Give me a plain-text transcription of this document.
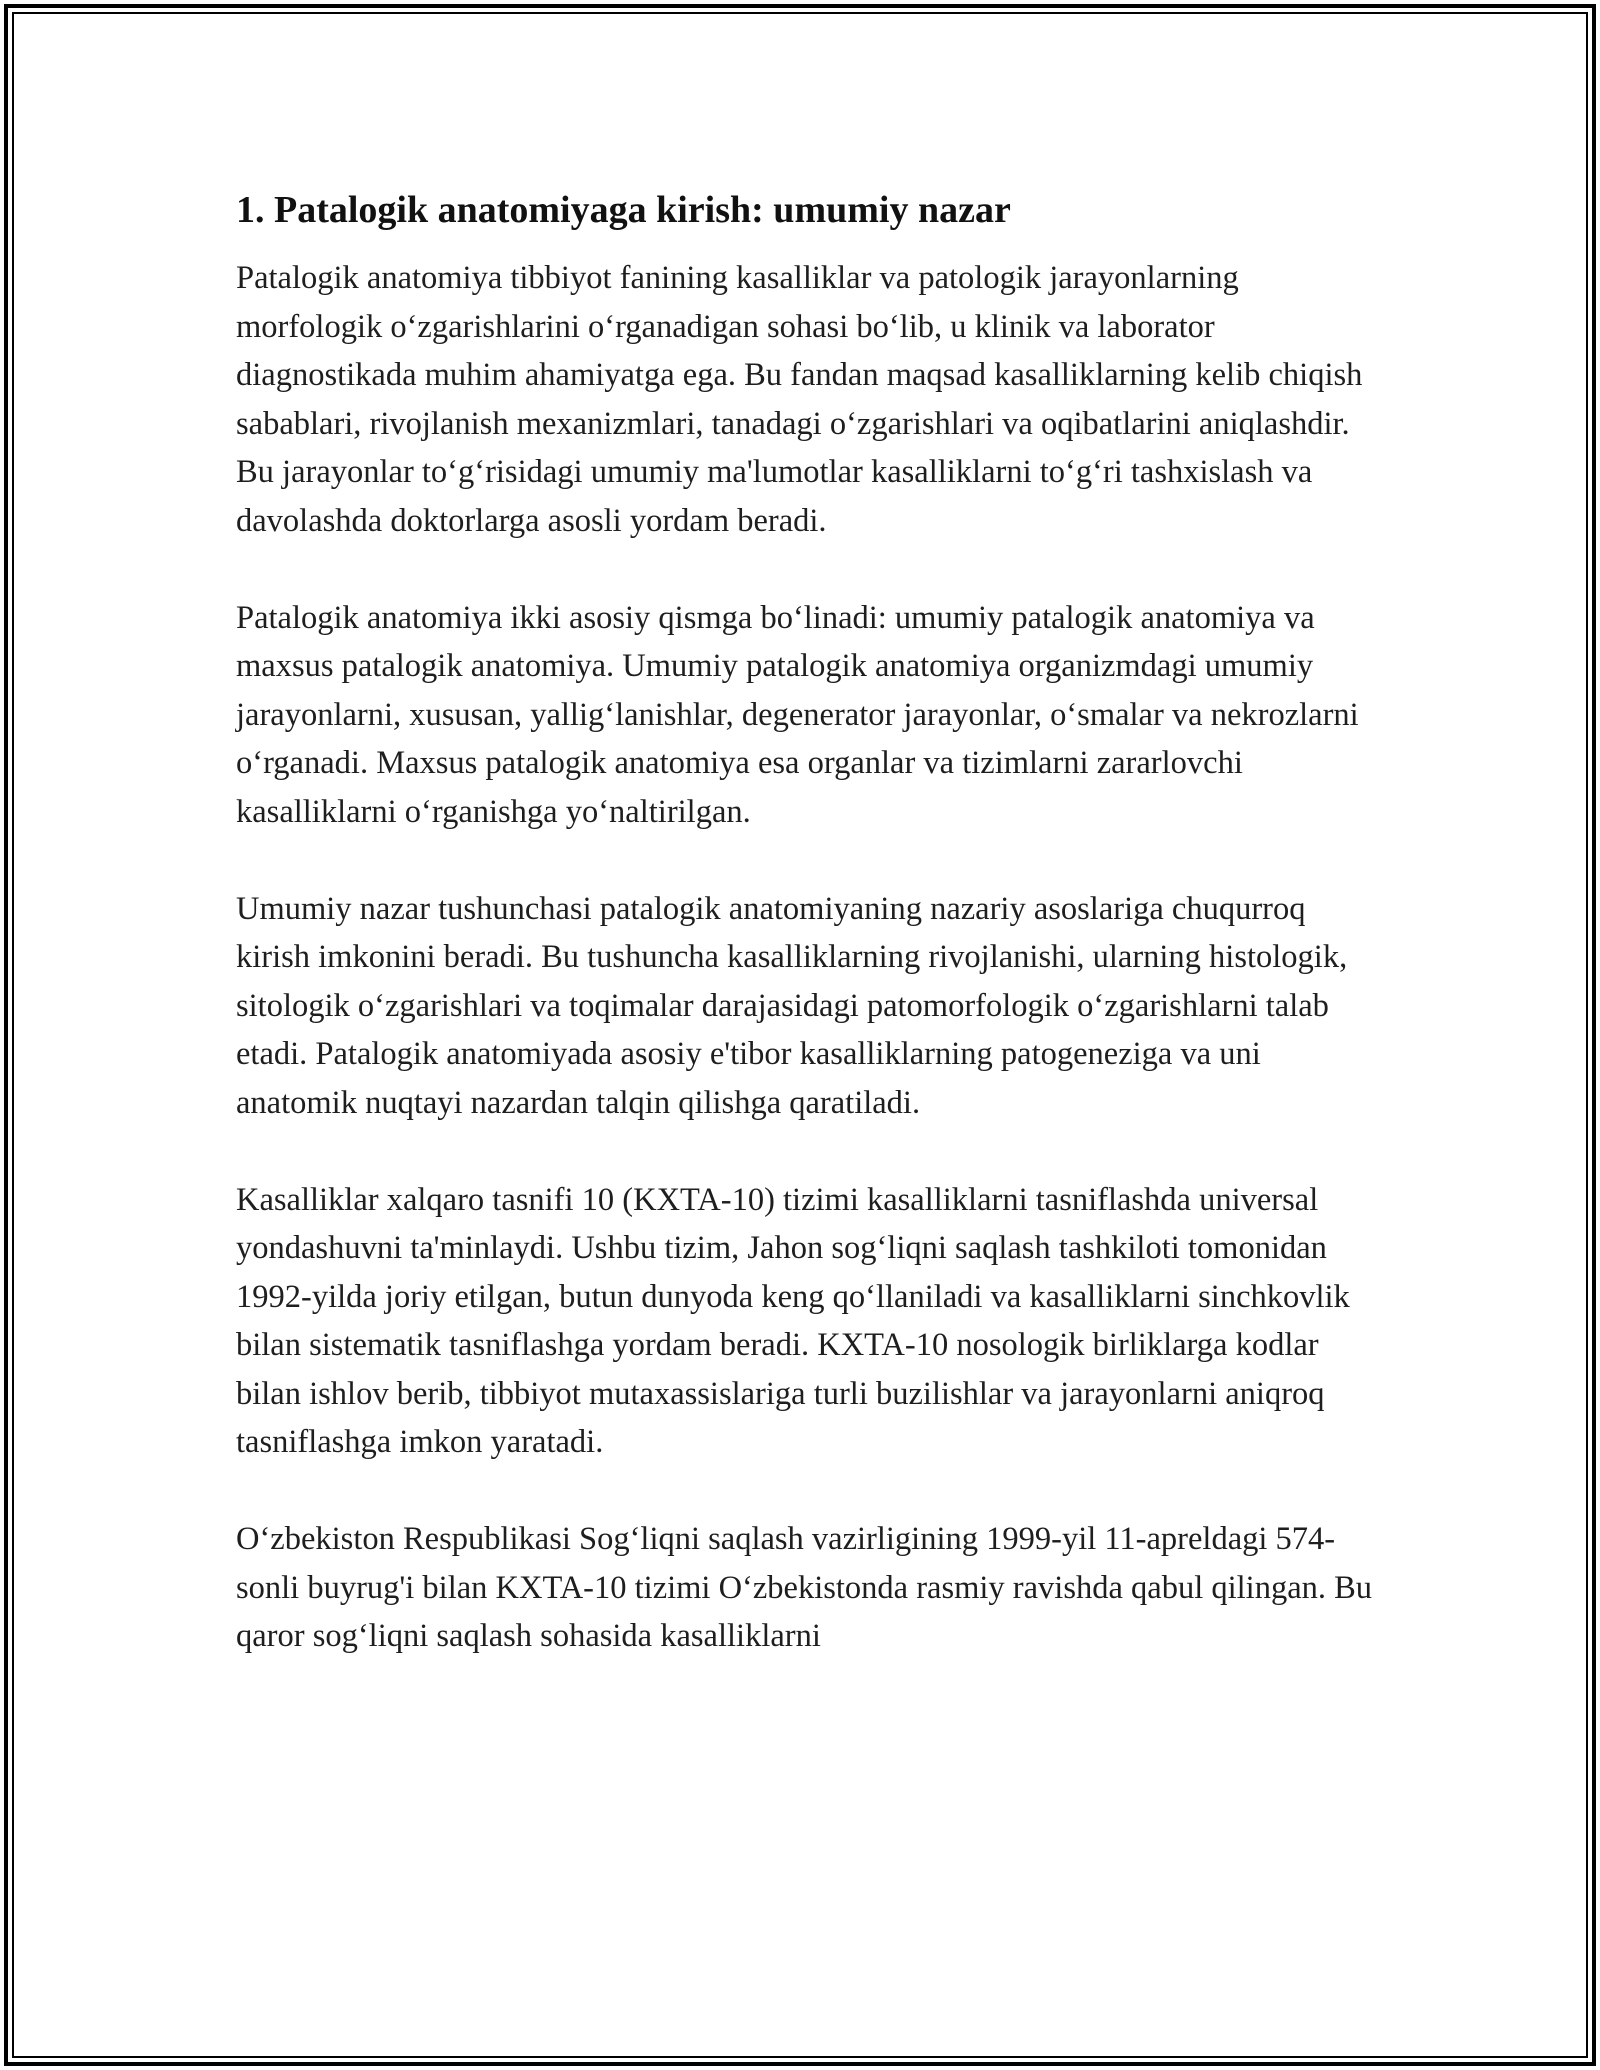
1. Patalogik anatomiyaga kirish: umumiy nazar

Patalogik anatomiya tibbiyot fanining kasalliklar va patologik jarayonlarning morfologik o‘zgarishlarini o‘rganadigan sohasi bo‘lib, u klinik va laborator diagnostikada muhim ahamiyatga ega. Bu fandan maqsad kasalliklarning kelib chiqish sabablari, rivojlanish mexanizmlari, tanadagi o‘zgarishlari va oqibatlarini aniqlashdir. Bu jarayonlar to‘g‘risidagi umumiy ma'lumotlar kasalliklarni to‘g‘ri tashxislash va davolashda doktorlarga asosli yordam beradi.

Patalogik anatomiya ikki asosiy qismga bo‘linadi: umumiy patalogik anatomiya va maxsus patalogik anatomiya. Umumiy patalogik anatomiya organizmdagi umumiy jarayonlarni, xususan, yallig‘lanishlar, degenerator jarayonlar, o‘smalar va nekrozlarni o‘rganadi. Maxsus patalogik anatomiya esa organlar va tizimlarni zararlovchi kasalliklarni o‘rganishga yo‘naltirilgan.

Umumiy nazar tushunchasi patalogik anatomiyaning nazariy asoslariga chuqurroq kirish imkonini beradi. Bu tushuncha kasalliklarning rivojlanishi, ularning histologik, sitologik o‘zgarishlari va toqimalar darajasidagi patomorfologik o‘zgarishlarni talab etadi. Patalogik anatomiyada asosiy e'tibor kasalliklarning patogeneziga va uni anatomik nuqtayi nazardan talqin qilishga qaratiladi.

Kasalliklar xalqaro tasnifi 10 (KXTA-10) tizimi kasalliklarni tasniflashda universal yondashuvni ta'minlaydi. Ushbu tizim, Jahon sog‘liqni saqlash tashkiloti tomonidan 1992-yilda joriy etilgan, butun dunyoda keng qo‘llaniladi va kasalliklarni sinchkovlik bilan sistematik tasniflashga yordam beradi. KXTA-10 nosologik birliklarga kodlar bilan ishlov berib, tibbiyot mutaxassislariga turli buzilishlar va jarayonlarni aniqroq tasniflashga imkon yaratadi.

O‘zbekiston Respublikasi Sog‘liqni saqlash vazirligining 1999-yil 11-apreldagi 574-sonli buyrug'i bilan KXTA-10 tizimi O‘zbekistonda rasmiy ravishda qabul qilingan. Bu qaror sog‘liqni saqlash sohasida kasalliklarni
